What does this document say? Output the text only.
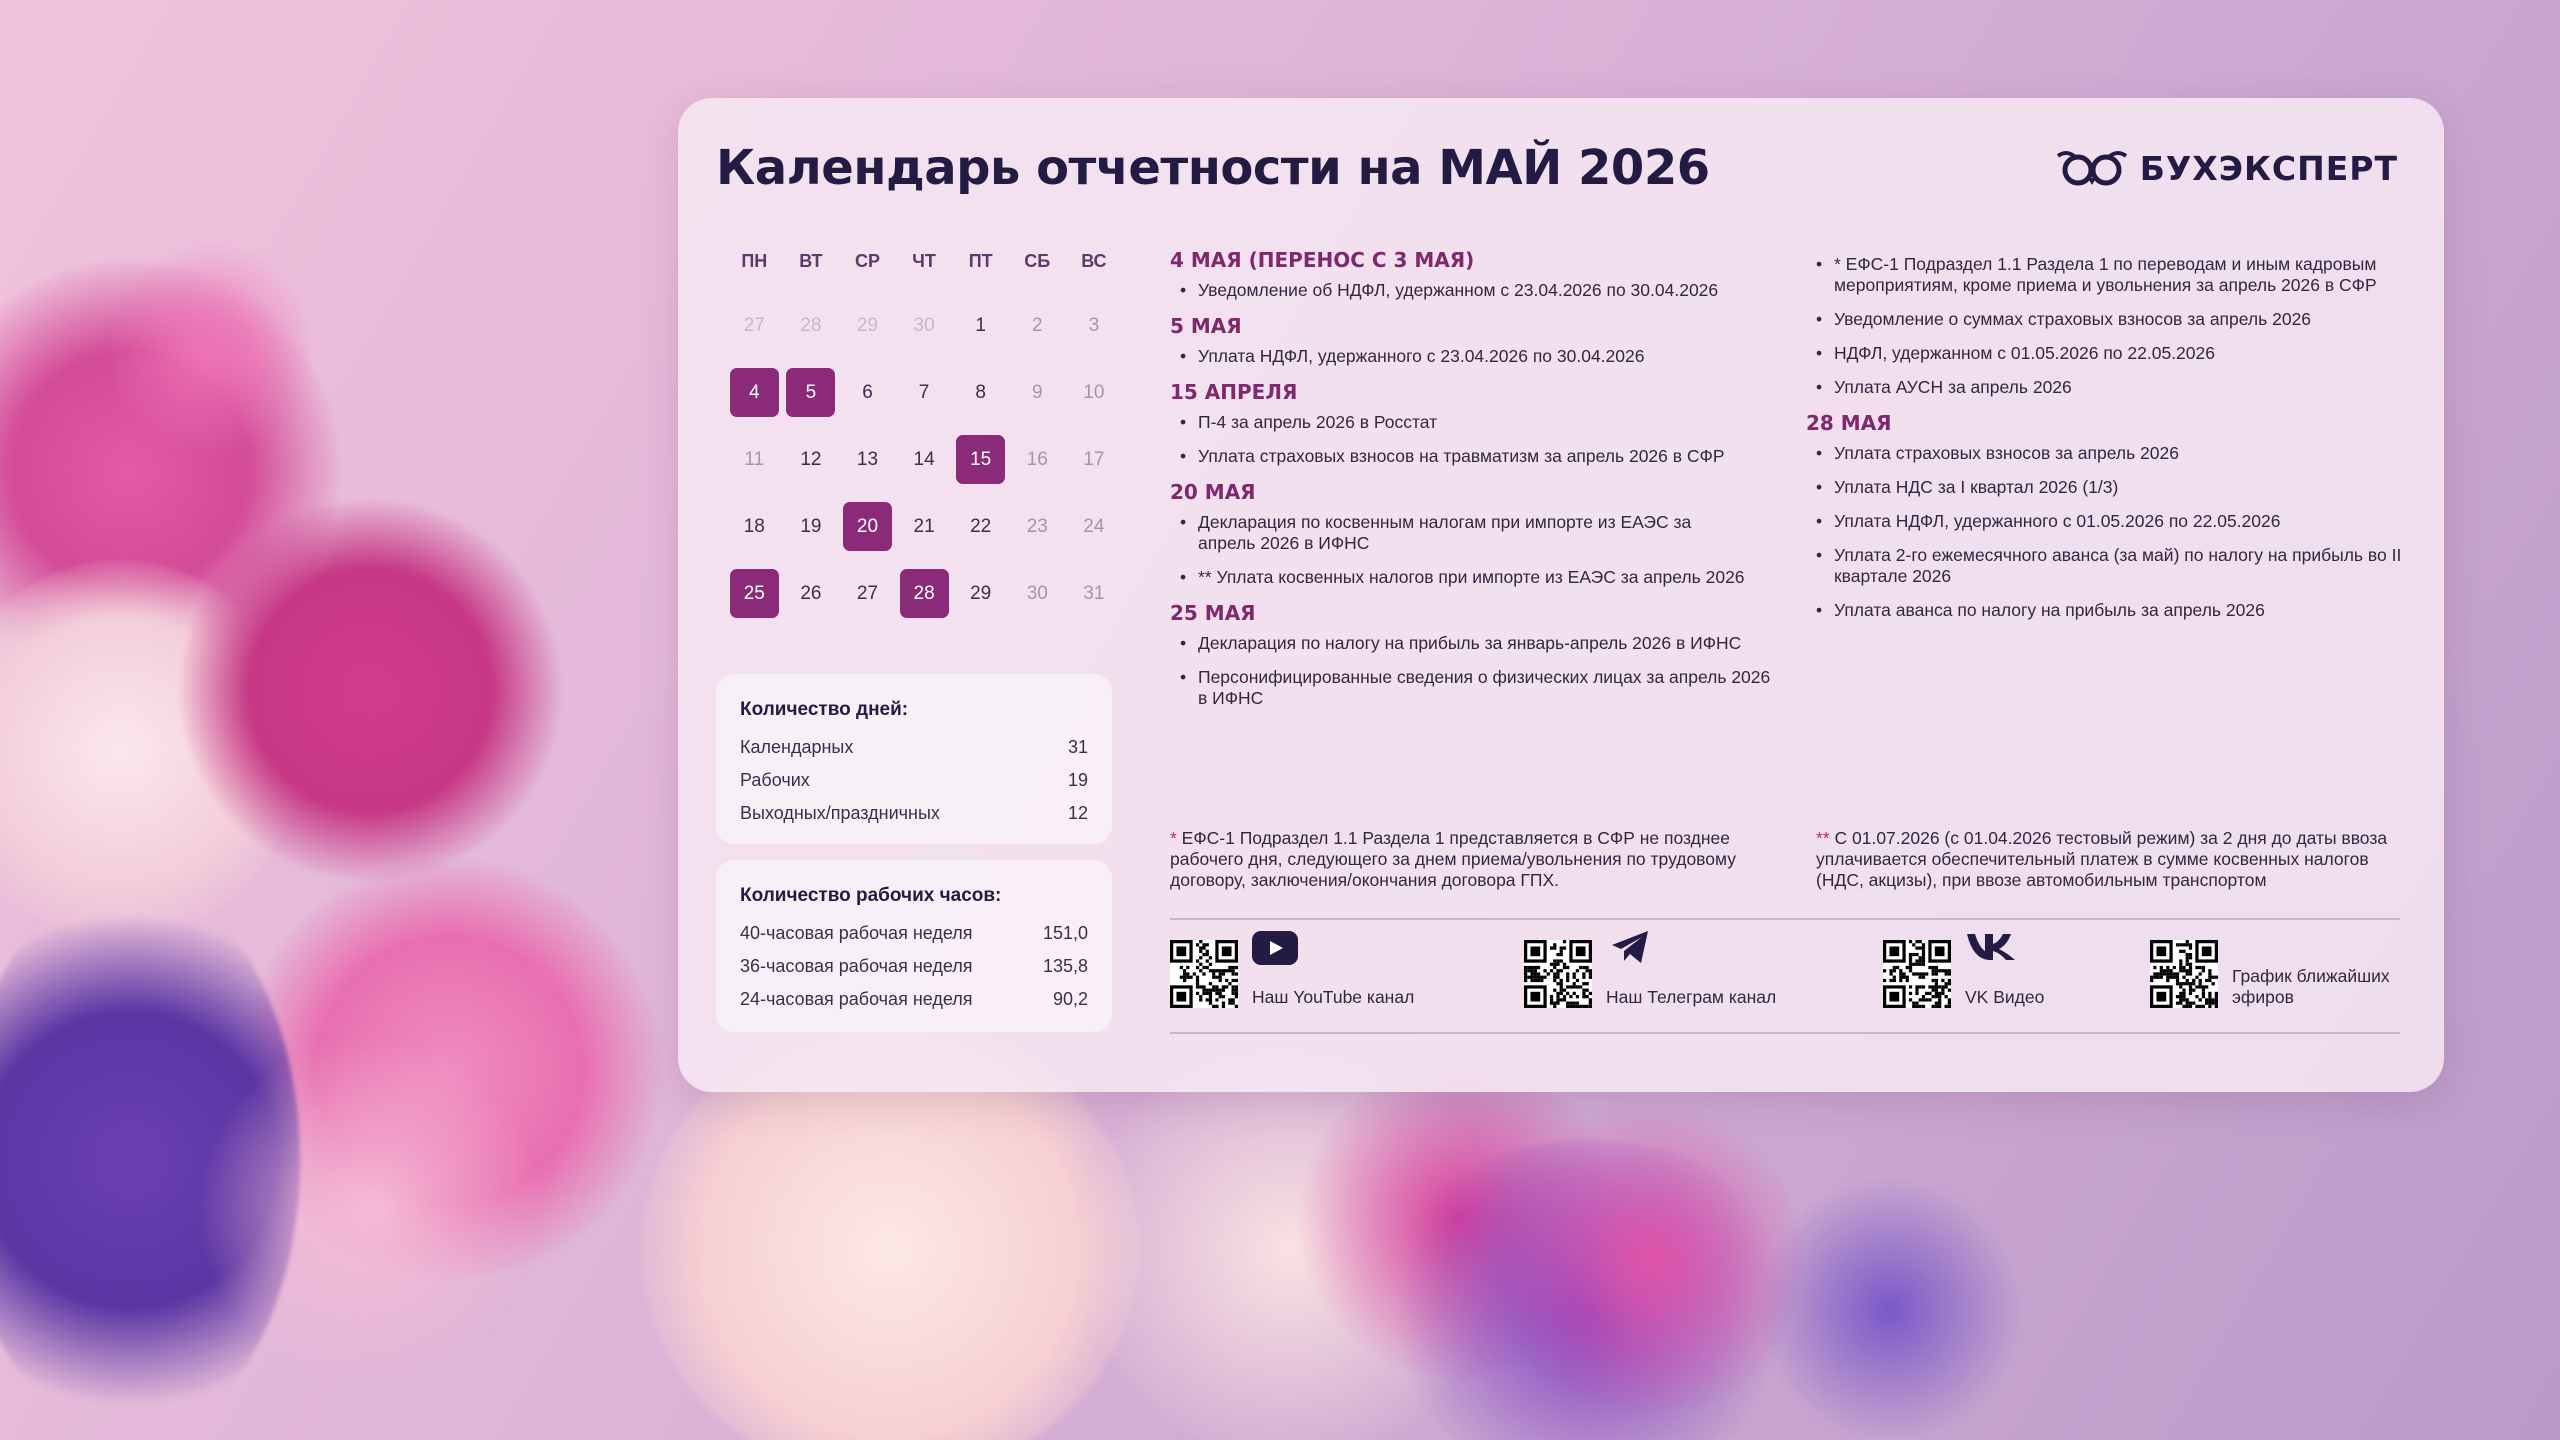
Календарь отчетности на МАЙ 2026	БУХЭКСПЕРТ
ПН	ВТ	СР	ЧТ	ПТ	СБ	ВС
27	28	29	30	1	2	3
4	5	6	7	8	9	10
11	12	13	14	15	16	17
18	19	20	21	22	23	24
25	26	27	28	29	30	31
Количество дней:
Календарных	31
Рабочих	19
Выходных/праздничных	12
Количество рабочих часов:
40-часовая рабочая неделя	151,0
36-часовая рабочая неделя	135,8
24-часовая рабочая неделя	90,2
4 МАЯ (ПЕРЕНОС С 3 МАЯ)
• Уведомление об НДФЛ, удержанном с 23.04.2026 по 30.04.2026
5 МАЯ
• Уплата НДФЛ, удержанного с 23.04.2026 по 30.04.2026
15 АПРЕЛЯ
• П-4 за апрель 2026 в Росстат
• Уплата страховых взносов на травматизм за апрель 2026 в СФР
20 МАЯ
• Декларация по косвенным налогам при импорте из ЕАЭС за апрель 2026 в ИФНС
• ** Уплата косвенных налогов при импорте из ЕАЭС за апрель 2026
25 МАЯ
• Декларация по налогу на прибыль за январь-апрель 2026 в ИФНС
• Персонифицированные сведения о физических лицах за апрель 2026 в ИФНС
• * ЕФС-1 Подраздел 1.1 Раздела 1 по переводам и иным кадровым мероприятиям, кроме приема и увольнения за апрель 2026 в СФР
• Уведомление о суммах страховых взносов за апрель 2026
• НДФЛ, удержанном с 01.05.2026 по 22.05.2026
• Уплата АУСН за апрель 2026
28 МАЯ
• Уплата страховых взносов за апрель 2026
• Уплата НДС за I квартал 2026 (1/3)
• Уплата НДФЛ, удержанного с 01.05.2026 по 22.05.2026
• Уплата 2-го ежемесячного аванса (за май) по налогу на прибыль во II квартале 2026
• Уплата аванса по налогу на прибыль за апрель 2026
* ЕФС-1 Подраздел 1.1 Раздела 1 представляется в СФР не позднее рабочего дня, следующего за днем приема/увольнения по трудовому договору, заключения/окончания договора ГПХ.
** С 01.07.2026 (с 01.04.2026 тестовый режим) за 2 дня до даты ввоза уплачивается обеспечительный платеж в сумме косвенных налогов (НДС, акцизы), при ввозе автомобильным транспортом
Наш YouTube канал	Наш Телеграм канал	VK Видео
График ближайших эфиров
